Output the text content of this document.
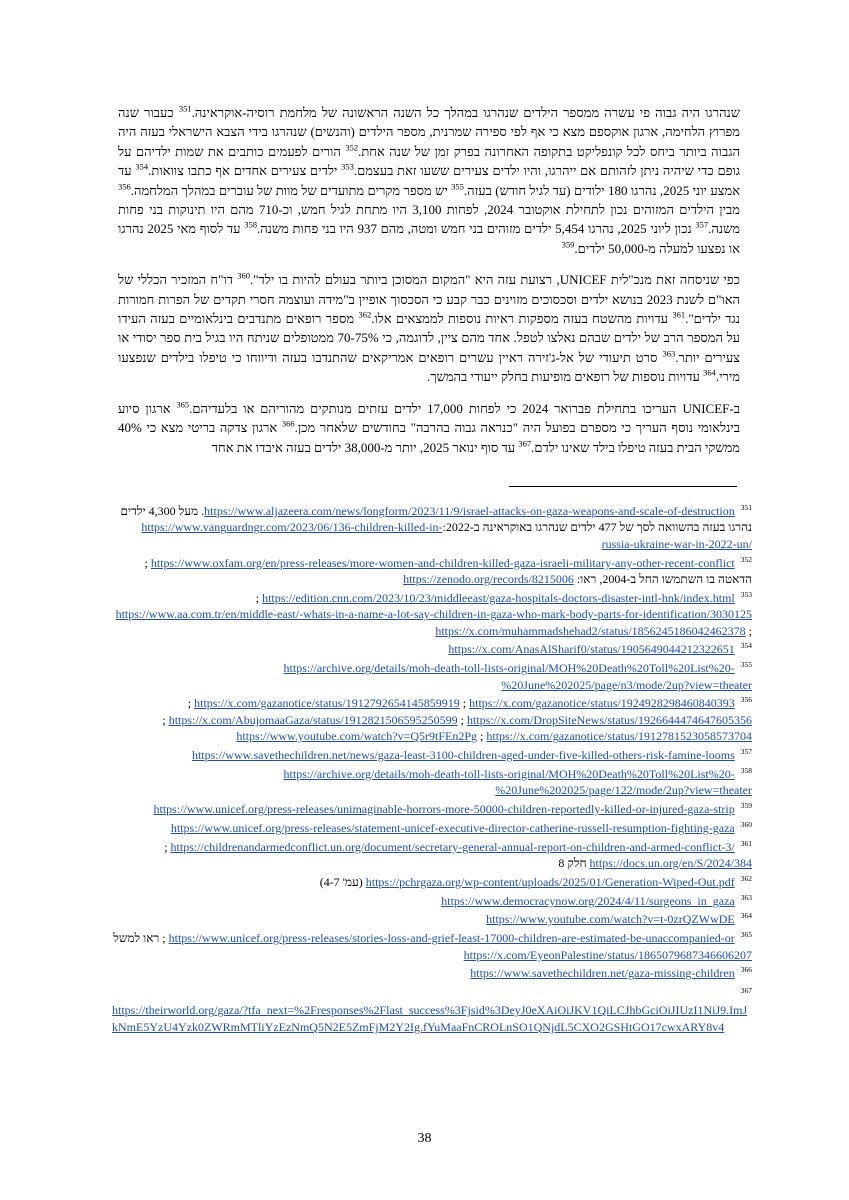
שנהרגו היה גבוה פי עשרה ממספר הילדים שנהרגו במהלך כל השנה הראשונה של מלחמת רוסיה-אוקראינה.$^{351}$ כעבור שנה מפרוץ הלחימה, ארגון אוקספם מצא כי אף לפי ספירה שמרנית, מספר הילדים (והנשים) שנהרגו בידי הצבא הישראלי בעזה היה הגבוה ביותר ביחס לכל קונפליקט בתקופה האחרונה בפרק זמן של שנה אחת.$^{352}$ הורים לפעמים כותבים את שמות ילדיהם על גופם כדי שיהיה ניתן לזהותם אם ייהרגו, והיו ילדים צעירים ששעו זאת בעצמם.$^{353}$ ילדים צעירים אחדים אף כתבו צוואות.$^{354}$ עד אמצע יוני 2025, נהרגו 180 ילודים (עד לגיל חודש) בעזה.$^{355}$ יש מספר מקרים מתועדים של מוות של עוברים במהלך המלחמה.$^{356}$ מבין הילדים המזוהים נכון לתחילת אוקטובר 2024, לפחות 3,100 היו מתחת לגיל חמש, וכ-710 מהם היו תינוקות בני פחות משנה.$^{357}$ נכון ליוני 2025, נהרגו 5,454 ילדים מזוהים בני חמש ומטה, מהם 937 היו בני פחות משנה.$^{358}$ עד לסוף מאי 2025 נהרגו או נפצעו למעלה מ-50,000 ילדים.$^{359}$

כפי שניסחה זאת מנכ"לית UNICEF, רצועת עזה היא "המקום המסוכן ביותר בעולם להיות בו ילד".$^{360}$ דו"ח המזכיר הכללי של האו"ם לשנת 2023 בנושא ילדים וסכסוכים מזוינים כבר קבע כי הסכסוך אופיין ב"מידה ועוצמה חסרי תקדים של הפרות חמורות נגד ילדים".$^{361}$ עדויות מהשטח בעזה מספקות ראיות נוספות לממצאים אלו.$^{362}$ מספר רופאים מתנדבים בינלאומיים בעזה העידו על המספר הרב של ילדים שבהם נאלצו לטפל. אחד מהם ציין, לדוגמה, כי 70-75% ממטופלים שניתח היו בגיל בית ספר יסודי או צעירים יותר.$^{363}$ סרט תיעודי של אל-ג'זירה ראיין עשרים רופאים אמריקאים שהתנדבו בעזה ודיווחו כי טיפלו בילדים שנפצעו מירי.$^{364}$ עדויות נוספות של רופאים מופיעות בחלק ייעודי בהמשך.

ב-UNICEF העריכו בתחילת פברואר 2024 כי לפחות 17,000 ילדים עזתים מנותקים מהוריהם או בלעדיהם.$^{365}$ ארגון סיוע בינלאומי נוסף העריך כי מספרם בפועל היה "כנראה גבוה בהרבה" בחודשים שלאחר מכן.$^{366}$ ארגון צדקה בריטי מצא כי 40% ממשקי הבית בעזה טיפלו בילד שאינו ילדם.$^{367}$ עד סוף ינואר 2025, יותר מ-38,000 ילדים בעזה איבדו את אחד

351https://www.aljazeera.com/news/longform/2023/11/9/israel-attacks-on-gaza-weapons-and-scale-of-destruction. מעל 4,300 ילדים נהרגו בעזה בהשוואה לסך של 477 ילדים שנהרגו באוקראינה ב-2022:https://www.vanguardngr.com/2023/06/136-children-killed-in-russia-ukraine-war-in-2022-un/
352https://www.oxfam.org/en/press-releases/more-women-and-children-killed-gaza-israeli-military-any-other-recent-conflict ; הדאטה בו השתמשו החל ב-2004, ראו: https://zenodo.org/records/8215006
353https://edition.cnn.com/2023/10/23/middleeast/gaza-hospitals-doctors-disaster-intl-hnk/index.html ; https://www.aa.com.tr/en/middle-east/-whats-in-a-name-a-lot-say-children-in-gaza-who-mark-body-parts-for-identification/3030125 ; https://x.com/muhammadshehad2/status/1856245186042462378
354https://x.com/AnasAlSharif0/status/1905649044212322651
355https://archive.org/details/moh-death-toll-lists-original/MOH%20Death%20Toll%20List%20-%20June%202025/page/n3/mode/2up?view=theater
356https://x.com/gazanotice/status/1924928298460840393 ; https://x.com/gazanotice/status/1912792654145859919 ; https://x.com/DropSiteNews/status/1926644474647605356 ; https://x.com/AbujomaaGaza/status/1912821506595250599 ; https://x.com/gazanotice/status/1912781523058573704 ; https://www.youtube.com/watch?v=Q5r9tFEn2Pg
357https://www.savethechildren.net/news/gaza-least-3100-children-aged-under-five-killed-others-risk-famine-looms
358https://archive.org/details/moh-death-toll-lists-original/MOH%20Death%20Toll%20List%20-%20June%202025/page/122/mode/2up?view=theater
359https://www.unicef.org/press-releases/unimaginable-horrors-more-50000-children-reportedly-killed-or-injured-gaza-strip
360https://www.unicef.org/press-releases/statement-unicef-executive-director-catherine-russell-resumption-fighting-gaza
361https://childrenandarmedconflict.un.org/document/secretary-general-annual-report-on-children-and-armed-conflict-3/ ; https://docs.un.org/en/S/2024/384 חלק 8
362https://pchrgaza.org/wp-content/uploads/2025/01/Generation-Wiped-Out.pdf (עמ' 4-7)
363https://www.democracynow.org/2024/4/11/surgeons_in_gaza
364https://www.youtube.com/watch?v=t-0zrQZWwDE
365https://www.unicef.org/press-releases/stories-loss-and-grief-least-17000-children-are-estimated-be-unaccompanied-or ; ראו למשל https://x.com/EyeonPalestine/status/1865079687346606207
366https://www.savethechildren.net/gaza-missing-children
367
https://theirworld.org/gaza/?tfa_next=%2Fresponses%2Flast_success%3Fjsid%3DeyJ0eXAiOiJKV1QiLCJhbGciOiJIUzI1NiJ9.ImJkNmE5YzU4Yzk0ZWRmMTliYzEzNmQ5N2E5ZmFjM2Y2Ig.fYuMaaFnCROLnSO1QNjdL5CXO2GSHtGO17cwxARY8v4
38
